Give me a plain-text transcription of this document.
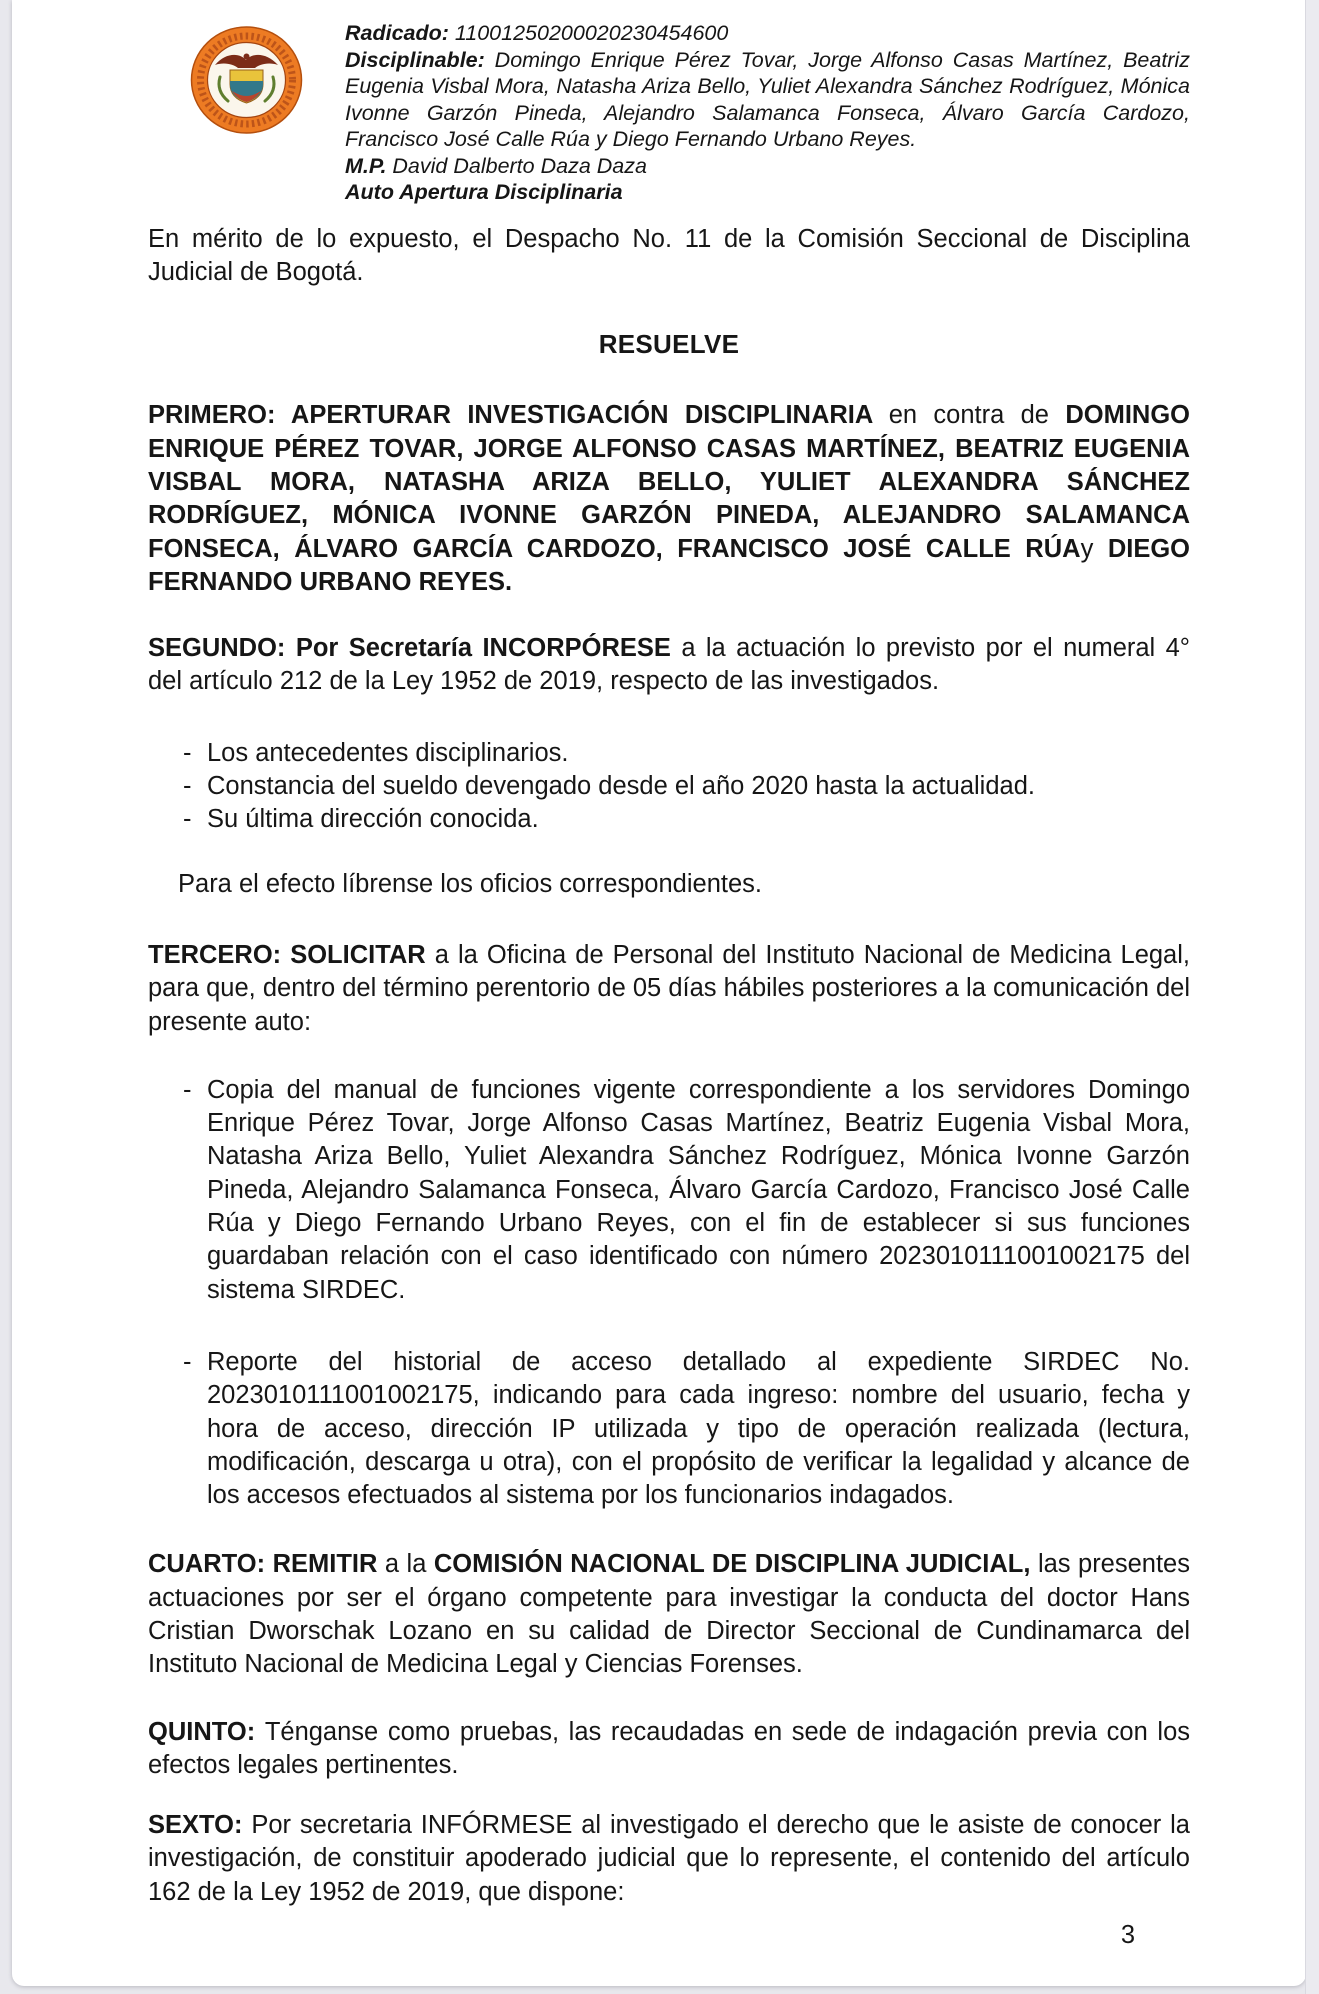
Radicado: 11001250200020230454600

Disciplinable: Domingo Enrique Pérez Tovar, Jorge Alfonso Casas Martínez, Beatriz Eugenia Visbal Mora, Natasha Ariza Bello, Yuliet Alexandra Sánchez Rodríguez, Mónica Ivonne Garzón Pineda, Alejandro Salamanca Fonseca, Álvaro García Cardozo, Francisco José Calle Rúa y Diego Fernando Urbano Reyes.

M.P. David Dalberto Daza Daza

Auto Apertura Disciplinaria

En mérito de lo expuesto, el Despacho No. 11 de la Comisión Seccional de Disciplina Judicial de Bogotá.

RESUELVE

PRIMERO: APERTURAR INVESTIGACIÓN DISCIPLINARIA en contra de DOMINGO ENRIQUE PÉREZ TOVAR, JORGE ALFONSO CASAS MARTÍNEZ, BEATRIZ EUGENIA VISBAL MORA, NATASHA ARIZA BELLO, YULIET ALEXANDRA SÁNCHEZ RODRÍGUEZ, MÓNICA IVONNE GARZÓN PINEDA, ALEJANDRO SALAMANCA FONSECA, ÁLVARO GARCÍA CARDOZO, FRANCISCO JOSÉ CALLE RÚAy DIEGO FERNANDO URBANO REYES.

SEGUNDO: Por Secretaría INCORPÓRESE a la actuación lo previsto por el numeral 4° del artículo 212 de la Ley 1952 de 2019, respecto de las investigados.

- Los antecedentes disciplinarios.
- Constancia del sueldo devengado desde el año 2020 hasta la actualidad.
- Su última dirección conocida.

Para el efecto líbrense los oficios correspondientes.

TERCERO: SOLICITAR a la Oficina de Personal del Instituto Nacional de Medicina Legal, para que, dentro del término perentorio de 05 días hábiles posteriores a la comunicación del presente auto:

- Copia del manual de funciones vigente correspondiente a los servidores Domingo Enrique Pérez Tovar, Jorge Alfonso Casas Martínez, Beatriz Eugenia Visbal Mora, Natasha Ariza Bello, Yuliet Alexandra Sánchez Rodríguez, Mónica Ivonne Garzón Pineda, Alejandro Salamanca Fonseca, Álvaro García Cardozo, Francisco José Calle Rúa y Diego Fernando Urbano Reyes, con el fin de establecer si sus funciones guardaban relación con el caso identificado con número 2023010111001002175 del sistema SIRDEC.
- Reporte del historial de acceso detallado al expediente SIRDEC No. 2023010111001002175, indicando para cada ingreso: nombre del usuario, fecha y hora de acceso, dirección IP utilizada y tipo de operación realizada (lectura, modificación, descarga u otra), con el propósito de verificar la legalidad y alcance de los accesos efectuados al sistema por los funcionarios indagados.

CUARTO: REMITIR a la COMISIÓN NACIONAL DE DISCIPLINA JUDICIAL, las presentes actuaciones por ser el órgano competente para investigar la conducta del doctor Hans Cristian Dworschak Lozano en su calidad de Director Seccional de Cundinamarca del Instituto Nacional de Medicina Legal y Ciencias Forenses.

QUINTO: Ténganse como pruebas, las recaudadas en sede de indagación previa con los efectos legales pertinentes.

SEXTO: Por secretaria INFÓRMESE al investigado el derecho que le asiste de conocer la investigación, de constituir apoderado judicial que lo represente, el contenido del artículo 162 de la Ley 1952 de 2019, que dispone:

3
